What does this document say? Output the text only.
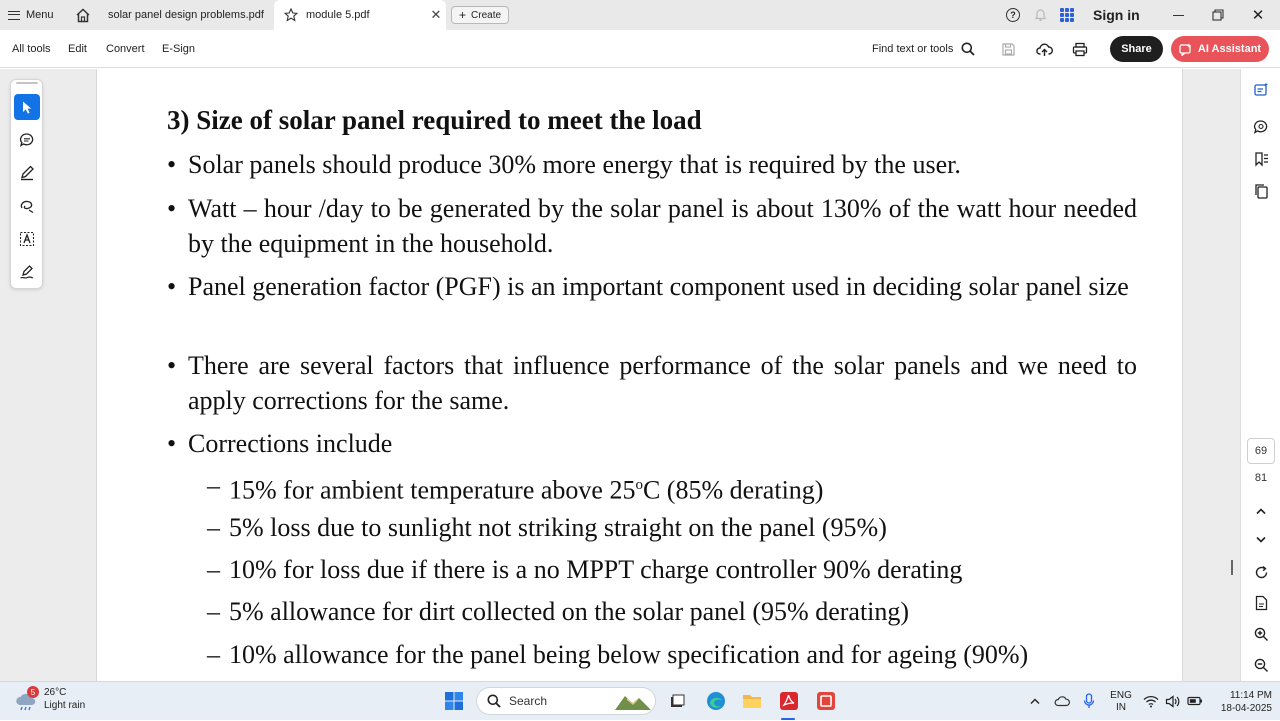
Menu	solar panel design problems.pdf	module 5.pdf	✕	+ Create	?	Sign in	✕
All tools Edit Convert E-Sign	Find text or tools	Share	AI Assistant
3) Size of solar panel required to meet the load
• Solar panels should produce 30% more energy that is required by the user.
• Watt – hour /day to be generated by the solar panel is about 130% of the watt hour needed by the equipment in the household.
• Panel generation factor (PGF) is an important component used in deciding solar panel size
• There are several factors that influence performance of the solar panels and we need to apply corrections for the same.
• Corrections include
– 15% for ambient temperature above 25$^o$C (85% derating)
– 5% loss due to sunlight not striking straight on the panel (95%)
– 10% for loss due if there is a no MPPT charge controller 90% derating
– 5% allowance for dirt collected on the solar panel (95% derating)
– 10% allowance for the panel being below specification and for ageing (90%)
69
81
5 26°C
Light rain	Search	ENG
IN
11:14 PM
18-04-2025
